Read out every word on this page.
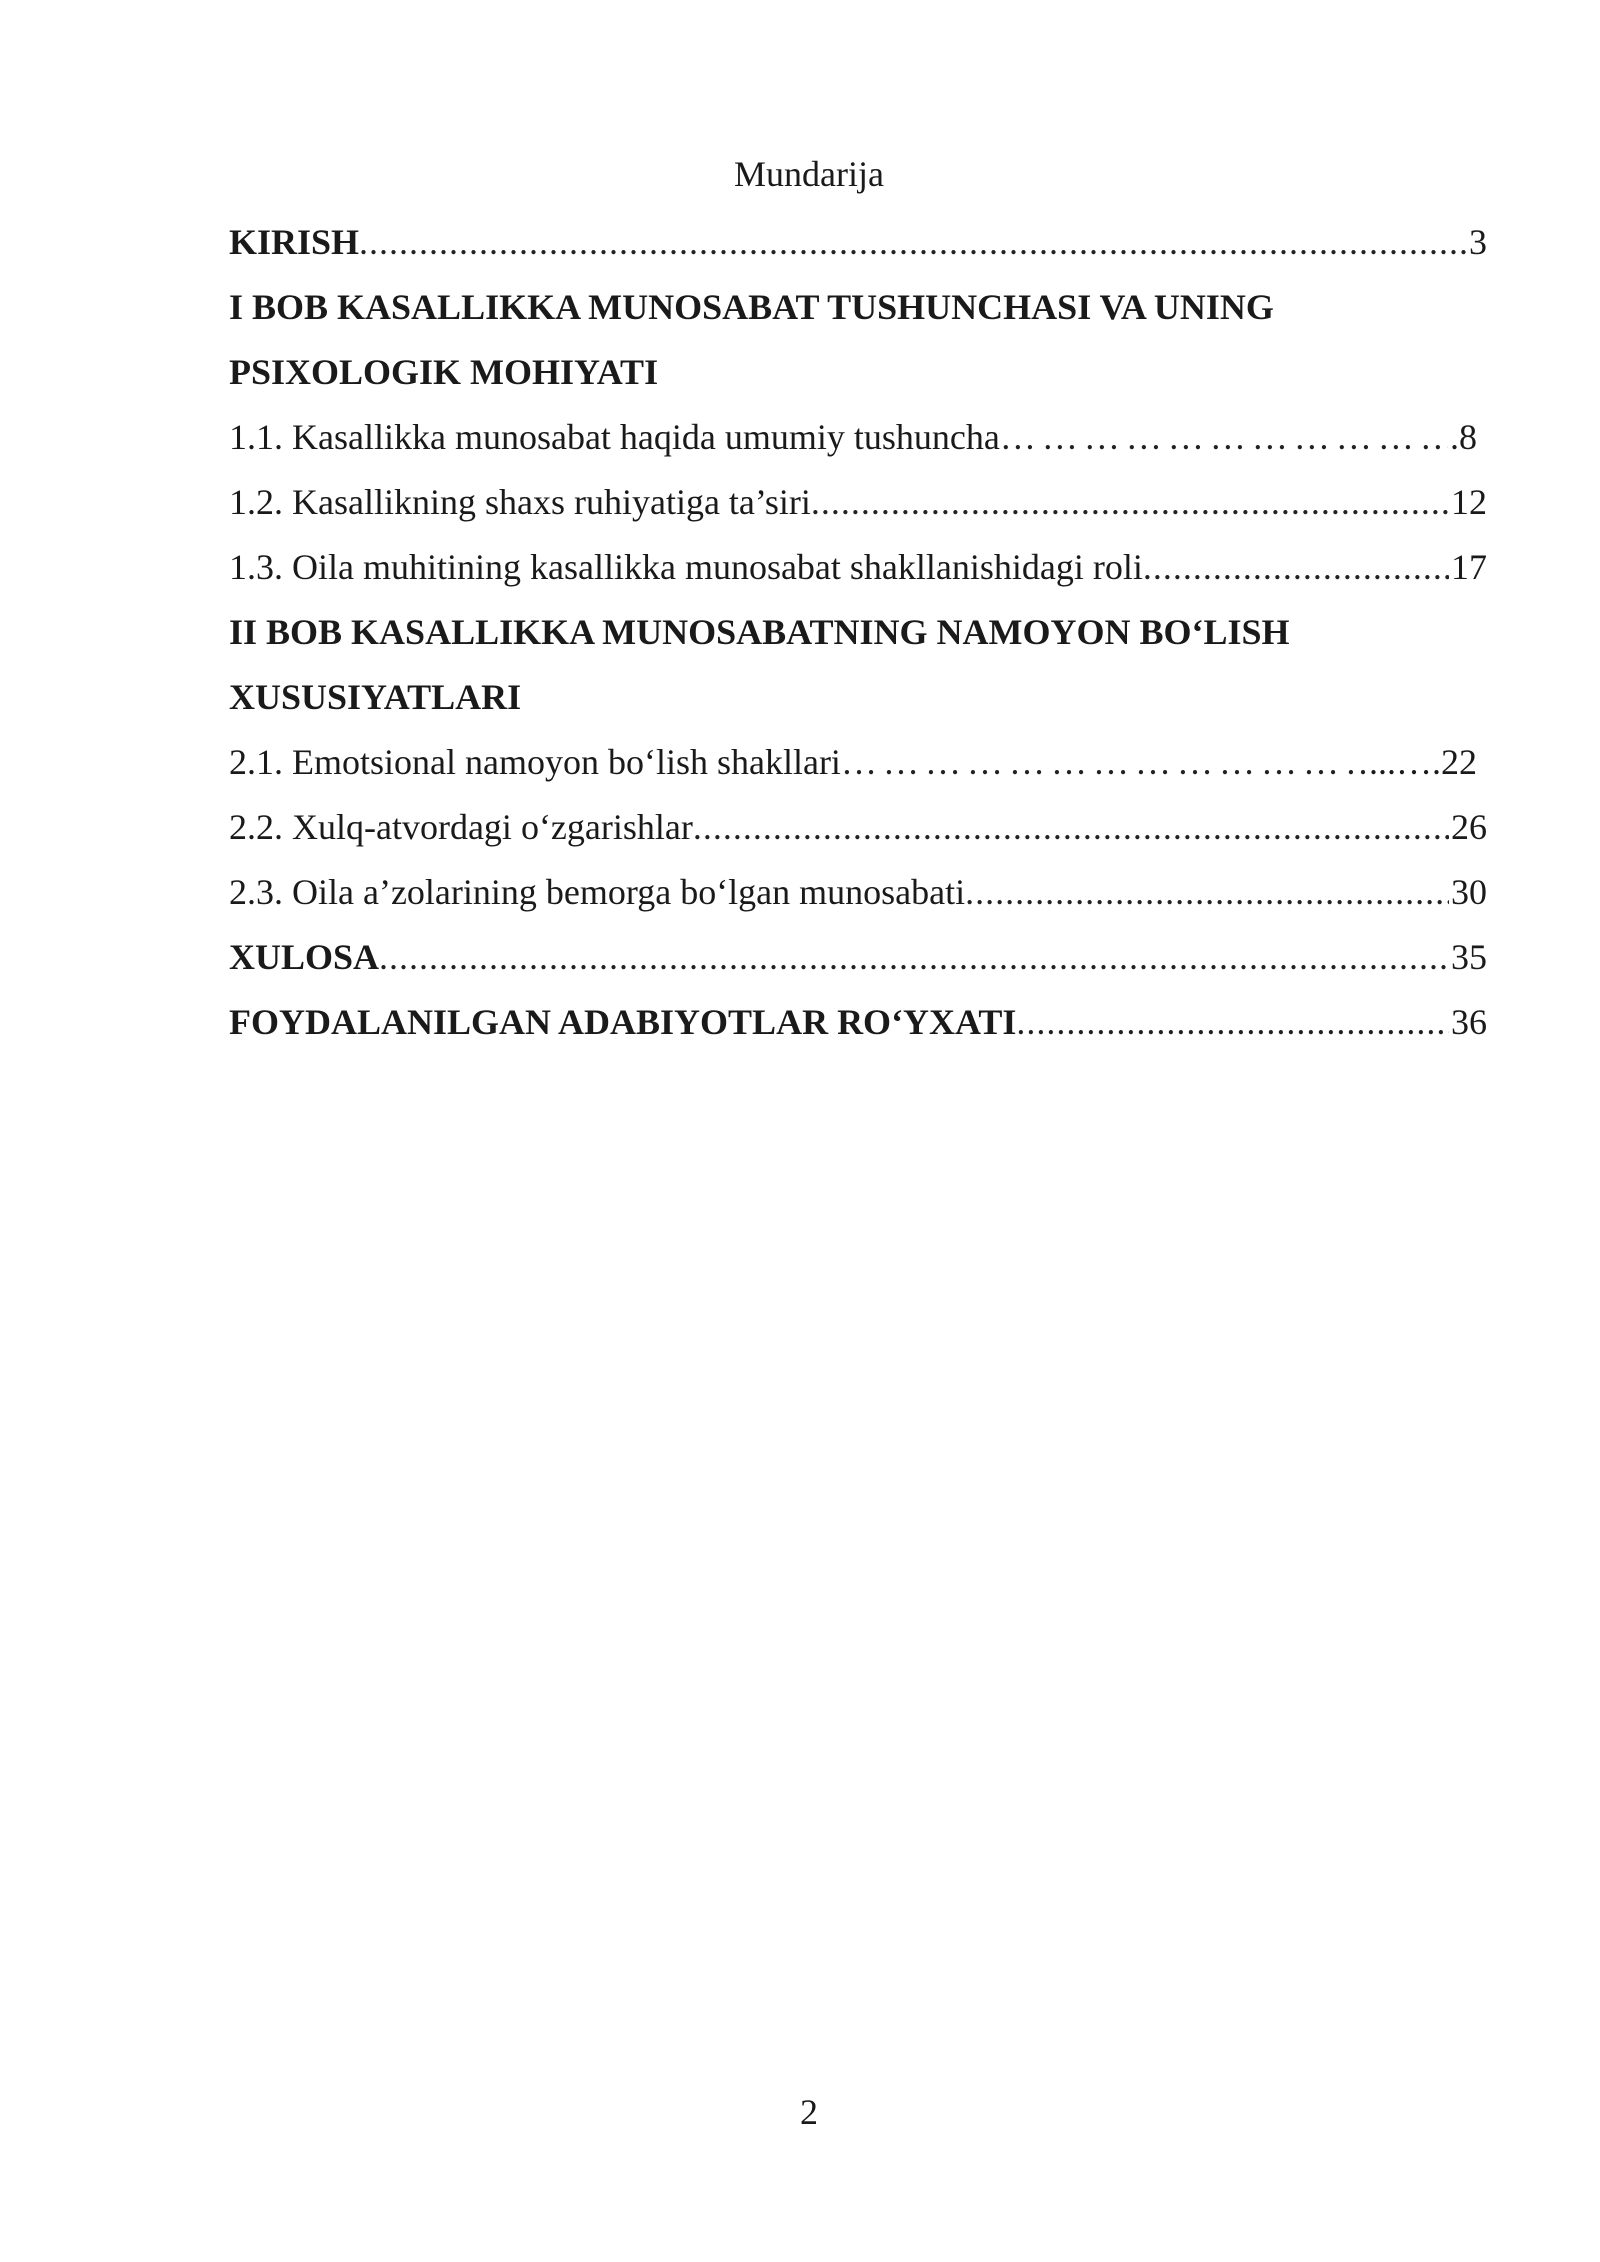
Mundarija
KIRISH .....	3
I BOB KASALLIKKA MUNOSABAT TUSHUNCHASI VA UNING
PSIXOLOGIK MOHIYATI
1.1. Kasallikka munosabat haqida umumiy tushuncha …………………………………………………………………………………………………	.8
1.2. Kasallikning shaxs ruhiyatiga ta’siri .....	12
1.3. Oila muhitining kasallikka munosabat shakllanishidagi roli .....	17
II BOB KASALLIKKA MUNOSABATNING NAMOYON BO‘LISH
XUSUSIYATLARI
2.1. Emotsional namoyon bo‘lish shakllari …………………………………………………………………………………………………	...….22
2.2. Xulq-atvordagi o‘zgarishlar .....	26
2.3. Oila a’zolarining bemorga bo‘lgan munosabati .....	30
XULOSA .....	35
FOYDALANILGAN ADABIYOTLAR RO‘YXATI .....	36
2
